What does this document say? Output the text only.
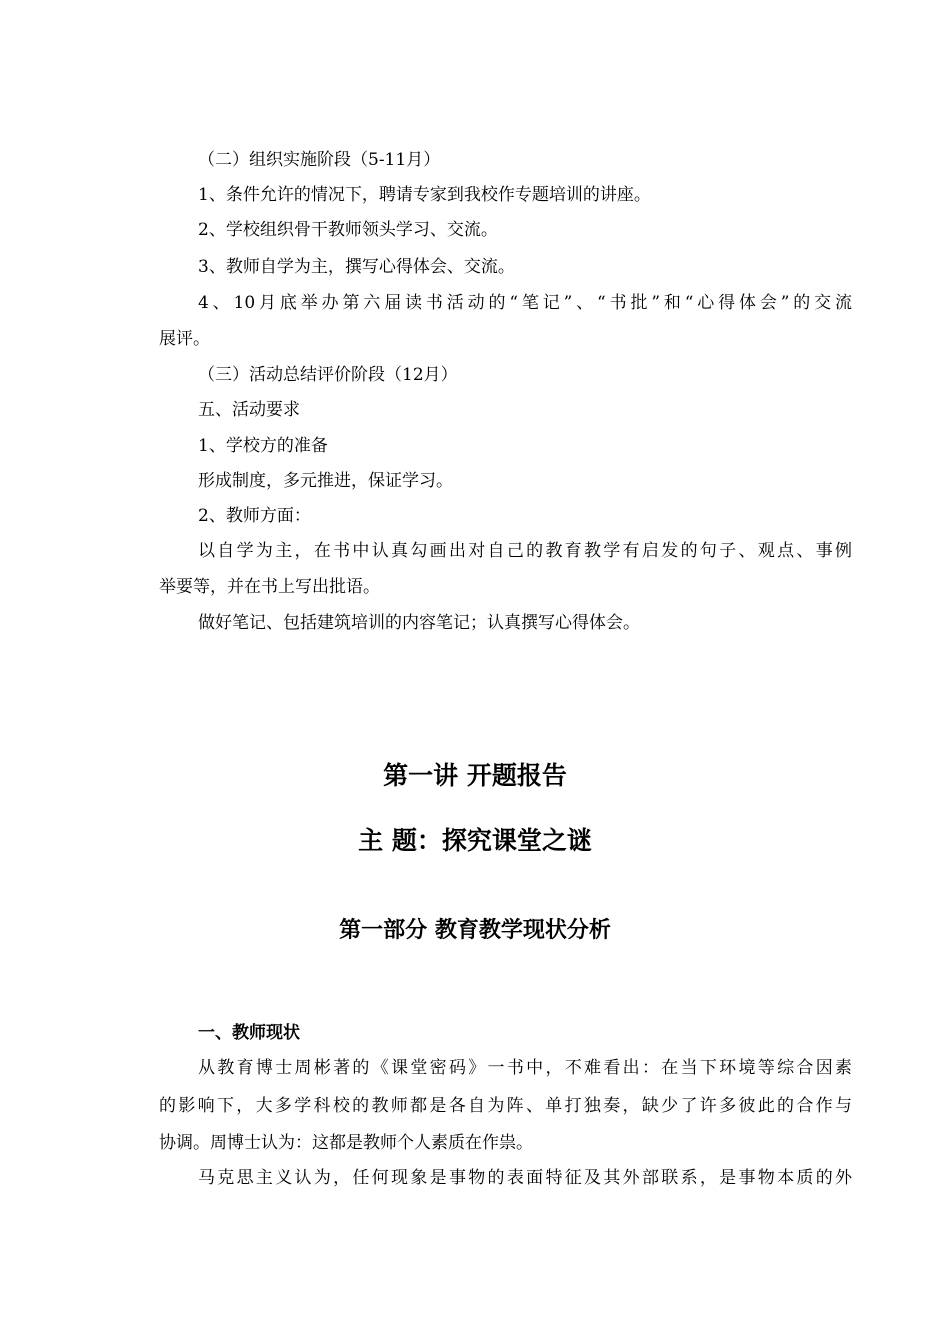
（二）组织实施阶段（5-11月）
1、条件允许的情况下，聘请专家到我校作专题培训的讲座。
2、学校组织骨干教师领头学习、交流。
3、教师自学为主，撰写心得体会、交流。
4、10月底举办第六届读书活动的“笔记”、“书批”和“心得体会”的交流
展评。
（三）活动总结评价阶段（12月）
五、活动要求
1、学校方的准备
形成制度，多元推进，保证学习。
2、教师方面：
以自学为主，在书中认真勾画出对自己的教育教学有启发的句子、观点、事例
举要等，并在书上写出批语。
做好笔记、包括建筑培训的内容笔记；认真撰写心得体会。
第一讲 开题报告
主 题：探究课堂之谜
第一部分 教育教学现状分析
一、教师现状
从教育博士周彬著的《课堂密码》一书中，不难看出：在当下环境等综合因素
的影响下，大多学科校的教师都是各自为阵、单打独奏，缺少了许多彼此的合作与
协调。周博士认为：这都是教师个人素质在作祟。
马克思主义认为，任何现象是事物的表面特征及其外部联系，是事物本质的外
